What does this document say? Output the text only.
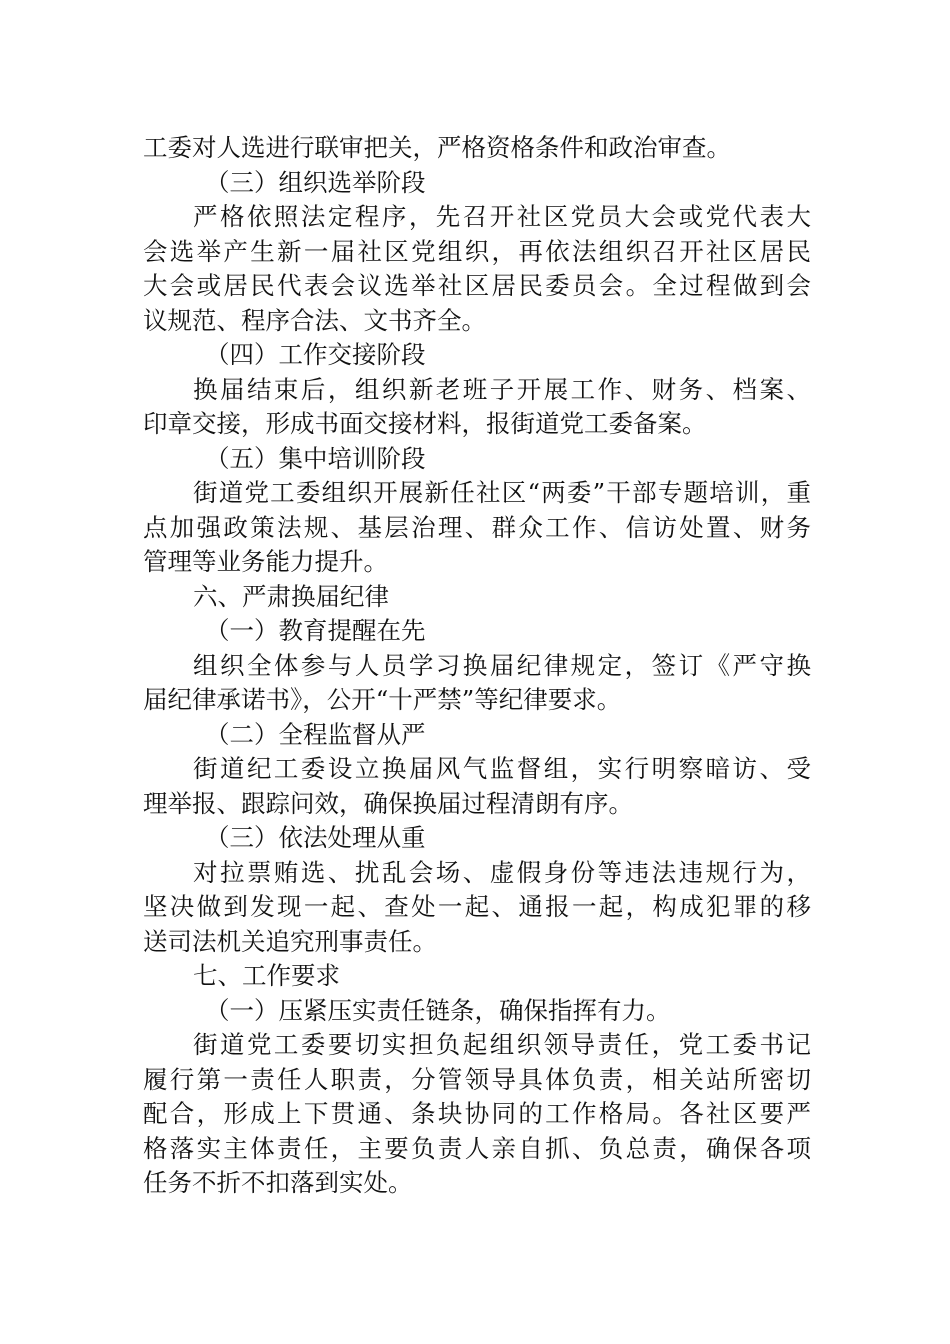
工委对人选进行联审把关，严格资格条件和政治审查。
（三）组织选举阶段
严格依照法定程序，先召开社区党员大会或党代表大
会选举产生新一届社区党组织，再依法组织召开社区居民
大会或居民代表会议选举社区居民委员会。全过程做到会
议规范、程序合法、文书齐全。
（四）工作交接阶段
换届结束后，组织新老班子开展工作、财务、档案、
印章交接，形成书面交接材料，报街道党工委备案。
（五）集中培训阶段
街道党工委组织开展新任社区“两委”干部专题培训，重
点加强政策法规、基层治理、群众工作、信访处置、财务
管理等业务能力提升。
六、严肃换届纪律
（一）教育提醒在先
组织全体参与人员学习换届纪律规定，签订《严守换
届纪律承诺书》，公开“十严禁”等纪律要求。
（二）全程监督从严
街道纪工委设立换届风气监督组，实行明察暗访、受
理举报、跟踪问效，确保换届过程清朗有序。
（三）依法处理从重
对拉票贿选、扰乱会场、虚假身份等违法违规行为，
坚决做到发现一起、查处一起、通报一起，构成犯罪的移
送司法机关追究刑事责任。
七、工作要求
（一）压紧压实责任链条，确保指挥有力。
街道党工委要切实担负起组织领导责任，党工委书记
履行第一责任人职责，分管领导具体负责，相关站所密切
配合，形成上下贯通、条块协同的工作格局。各社区要严
格落实主体责任，主要负责人亲自抓、负总责，确保各项
任务不折不扣落到实处。
